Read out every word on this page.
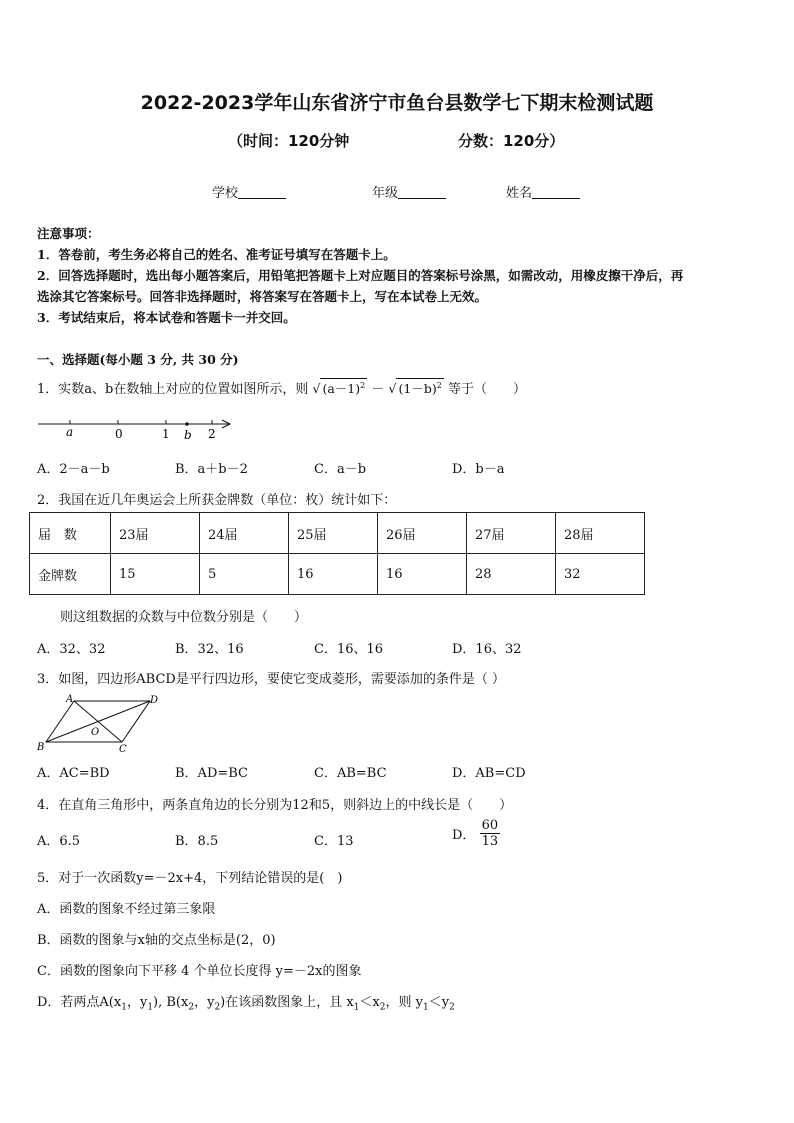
2022-2023学年山东省济宁市鱼台县数学七下期末检测试题
（时间：120分钟	分数：120分）
学校	年级	姓名
注意事项：
1．答卷前，考生务必将自己的姓名、准考证号填写在答题卡上。
2．回答选择题时，选出每小题答案后，用铅笔把答题卡上对应题目的答案标号涂黑，如需改动，用橡皮擦干净后，再
选涂其它答案标号。回答非选择题时，将答案写在答题卡上，写在本试卷上无效。
3．考试结束后，将本试卷和答题卡一并交回。
一、选择题(每小题 3 分, 共 30 分)
1．实数a、b在数轴上对应的位置如图所示，则 √ $(a-1)^2$ － √ $(1-b)^2$ 等于（　　）
a	0	1 b 2
A．2－a－b	B．a＋b－2	C．a－b	D．b－a
2．我国在近几年奥运会上所获金牌数（单位：枚）统计如下：
届　数	23届	24届	25届	26届	27届	28届
金牌数	15	5	16	16	28	32
则这组数据的众数与中位数分别是（　　）
A．32、32	B．32、16	C．16、16	D．16、32
3．如图，四边形ABCD是平行四边形，要使它变成菱形，需要添加的条件是（ ）
A	D
B	C
O
A．AC=BD	B．AD=BC	C．AB=BC	D．AB=CD
4．在直角三角形中，两条直角边的长分别为12和5，则斜边上的中线长是（　　）
A．6.5	B．8.5	C．13	D． $\frac{60}{13}$
5．对于一次函数y=－2x+4，下列结论错误的是(　)
A．函数的图象不经过第三象限
B．函数的图象与x轴的交点坐标是(2，0)
C．函数的图象向下平移 4 个单位长度得 y=－2x的图象
D．若两点$A(x_1$，$y_1$), $B(x_2$，$y_2$)在该函数图象上，且 $x_1<x_2$，则 $y_1<y_2$
